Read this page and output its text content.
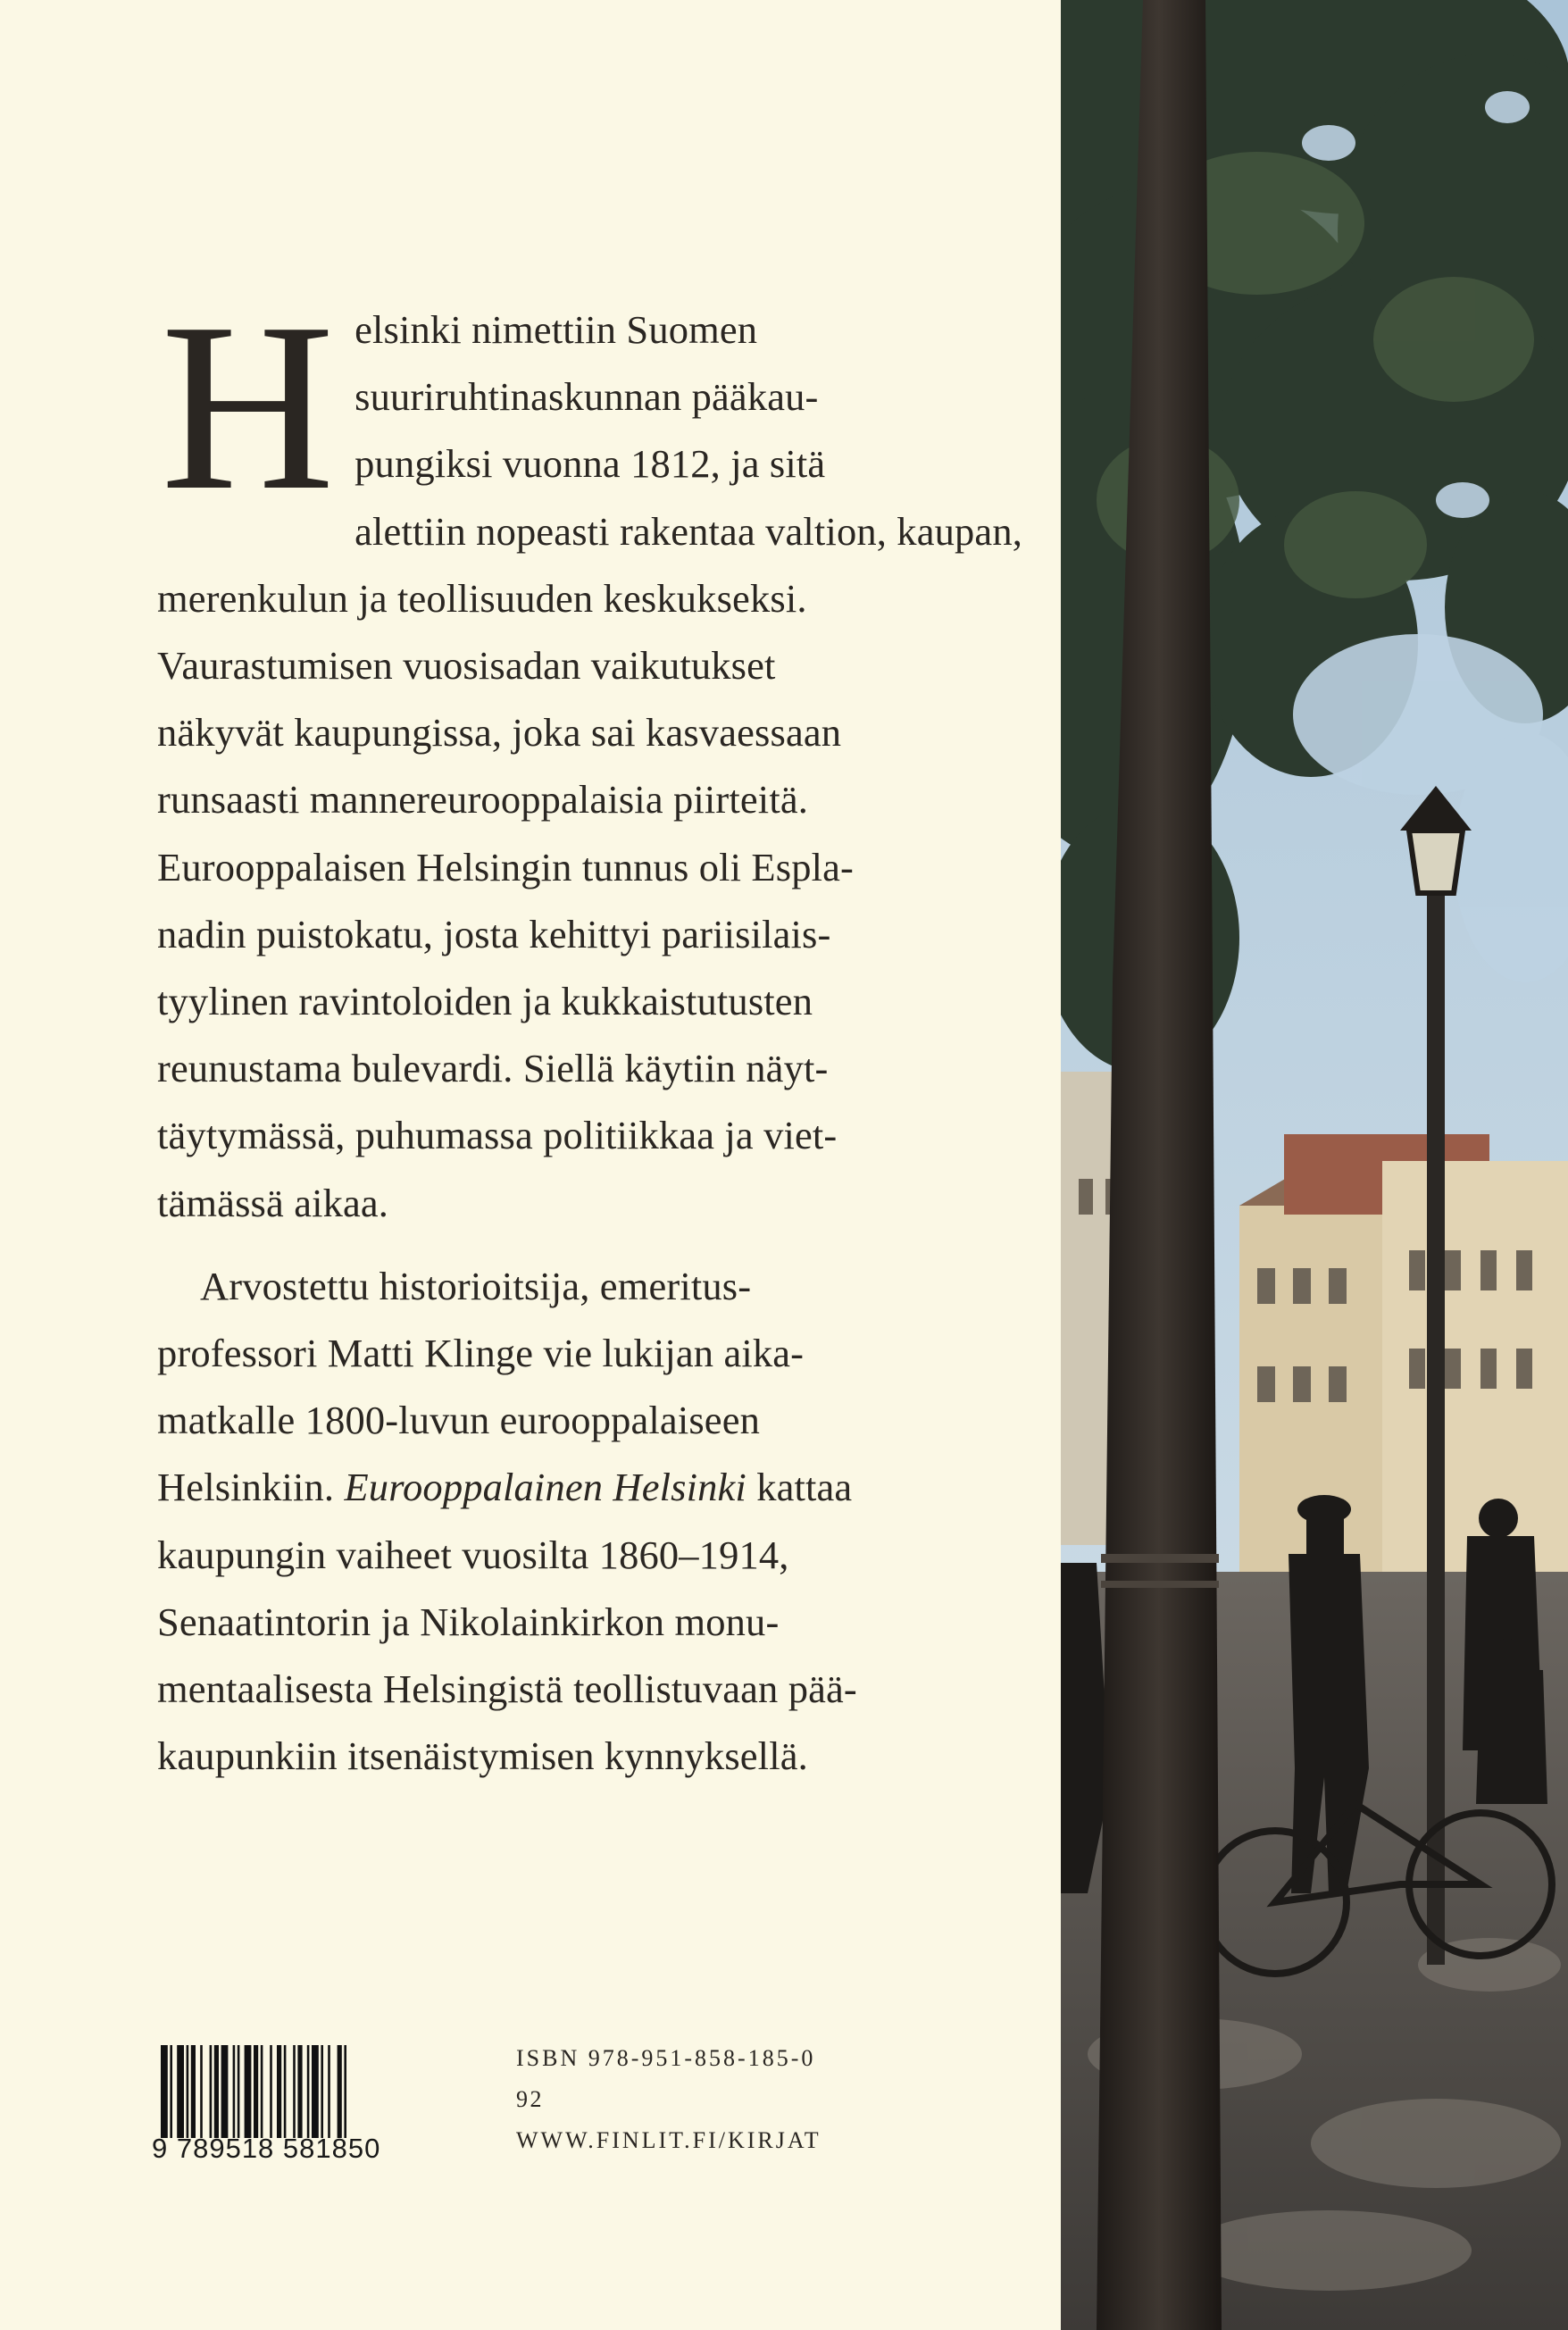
H elsinki nimettiin Suomen
suuriruhtinaskunnan pääkau-
pungiksi vuonna 1812, ja sitä
alettiin nopeasti rakentaa valtion, kaupan,
merenkulun ja teollisuuden keskukseksi.
Vaurastumisen vuosisadan vaikutukset
näkyvät kaupungissa, joka sai kasvaessaan
runsaasti mannereurooppalaisia piirteitä.
Eurooppalaisen Helsingin tunnus oli Espla-
nadin puistokatu, josta kehittyi pariisilais-
tyylinen ravintoloiden ja kukkaistutusten
reunustama bulevardi. Siellä käytiin näyt-
täytymässä, puhumassa politiikkaa ja viet-
tämässä aikaa.

Arvostettu historioitsija, emeritus-
professori Matti Klinge vie lukijan aika-
matkalle 1800-luvun eurooppalaiseen
Helsinkiin. Eurooppalainen Helsinki kattaa
kaupungin vaiheet vuosilta 1860–1914,
Senaatintorin ja Nikolainkirkon monu-
mentaalisesta Helsingistä teollistuvaan pää-
kaupunkiin itsenäistymisen kynnyksellä.

9 789518 581850
ISBN 978-951-858-185-0
92
WWW.FINLIT.FI/KIRJAT
